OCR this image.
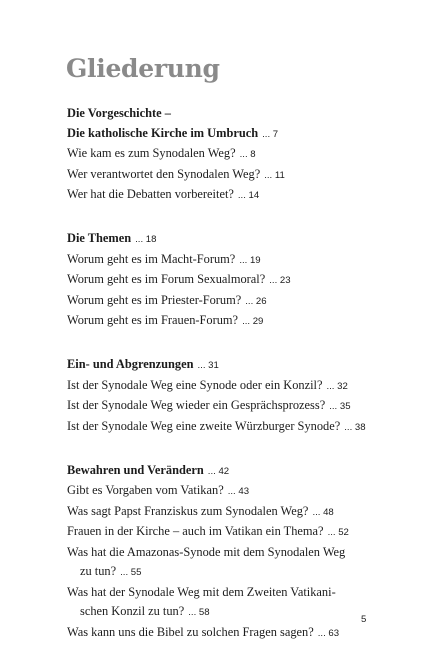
Gliederung
Die Vorgeschichte –
Die katholische Kirche im Umbruch ... 7
Wie kam es zum Synodalen Weg? ... 8
Wer verantwortet den Synodalen Weg? ... 11
Wer hat die Debatten vorbereitet? ... 14
Die Themen ... 18
Worum geht es im Macht-Forum? ... 19
Worum geht es im Forum Sexualmoral? ... 23
Worum geht es im Priester-Forum? ... 26
Worum geht es im Frauen-Forum? ... 29
Ein- und Abgrenzungen ... 31
Ist der Synodale Weg eine Synode oder ein Konzil? ... 32
Ist der Synodale Weg wieder ein Gesprächsprozess? ... 35
Ist der Synodale Weg eine zweite Würzburger Synode? ... 38
Bewahren und Verändern ... 42
Gibt es Vorgaben vom Vatikan? ... 43
Was sagt Papst Franziskus zum Synodalen Weg? ... 48
Frauen in der Kirche – auch im Vatikan ein Thema? ... 52
Was hat die Amazonas-Synode mit dem Synodalen Weg
zu tun? ... 55
Was hat der Synodale Weg mit dem Zweiten Vatikani-
schen Konzil zu tun? ... 58
Was kann uns die Bibel zu solchen Fragen sagen? ... 63
5
